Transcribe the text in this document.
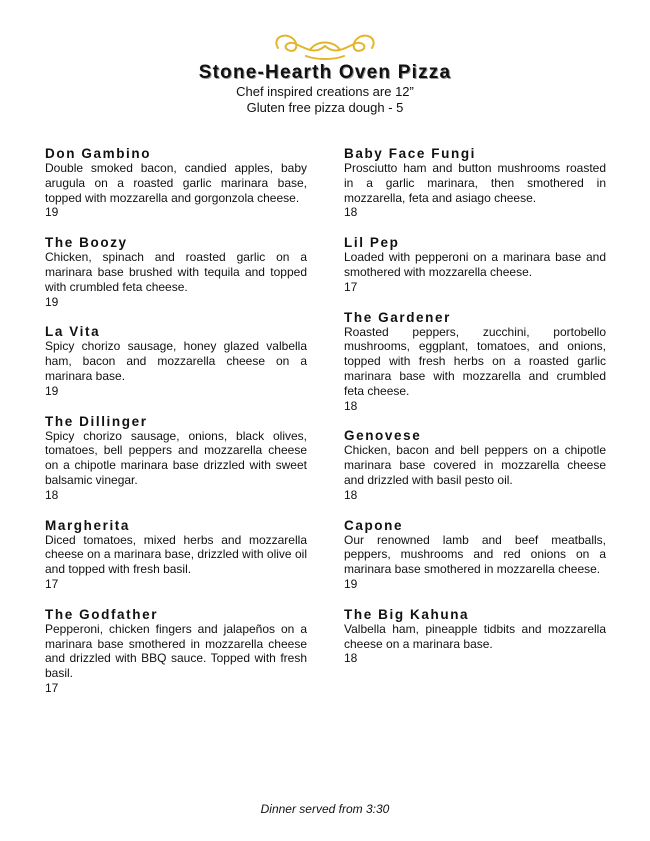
Stone-Hearth Oven Pizza

Chef inspired creations are 12”

Gluten free pizza dough - 5

Don Gambino

Double smoked bacon, candied apples, baby arugula on a roasted garlic marinara base, topped with mozzarella and gorgonzola cheese.

19

The Boozy

Chicken, spinach and roasted garlic on a marinara base brushed with tequila and topped with crumbled feta cheese.

19

La Vita

Spicy chorizo sausage, honey glazed valbella ham, bacon and mozzarella cheese on a marinara base.

19

The Dillinger

Spicy chorizo sausage, onions, black olives, tomatoes, bell peppers and mozzarella cheese on a chipotle marinara base drizzled with sweet balsamic vinegar.

18

Margherita

Diced tomatoes, mixed herbs and mozzarella cheese on a marinara base, drizzled with olive oil and topped with fresh basil.

17

The Godfather

Pepperoni, chicken fingers and jalapeños on a marinara base smothered in mozzarella cheese and drizzled with BBQ sauce. Topped with fresh basil.

17

Baby Face Fungi

Prosciutto ham and button mushrooms roasted in a garlic marinara, then smothered in mozzarella, feta and asiago cheese.

18

Lil Pep

Loaded with pepperoni on a marinara base and smothered with mozzarella cheese.

17

The Gardener

Roasted peppers, zucchini, portobello mushrooms, eggplant, tomatoes, and onions, topped with fresh herbs on a roasted garlic marinara base with mozzarella and crumbled feta cheese.

18

Genovese

Chicken, bacon and bell peppers on a chipotle marinara base covered in mozzarella cheese and drizzled with basil pesto oil.

18

Capone

Our renowned lamb and beef meatballs, peppers, mushrooms and red onions on a marinara base smothered in mozzarella cheese.

19

The Big Kahuna

Valbella ham, pineapple tidbits and mozzarella cheese on a marinara base.

18

Dinner served from 3:30
